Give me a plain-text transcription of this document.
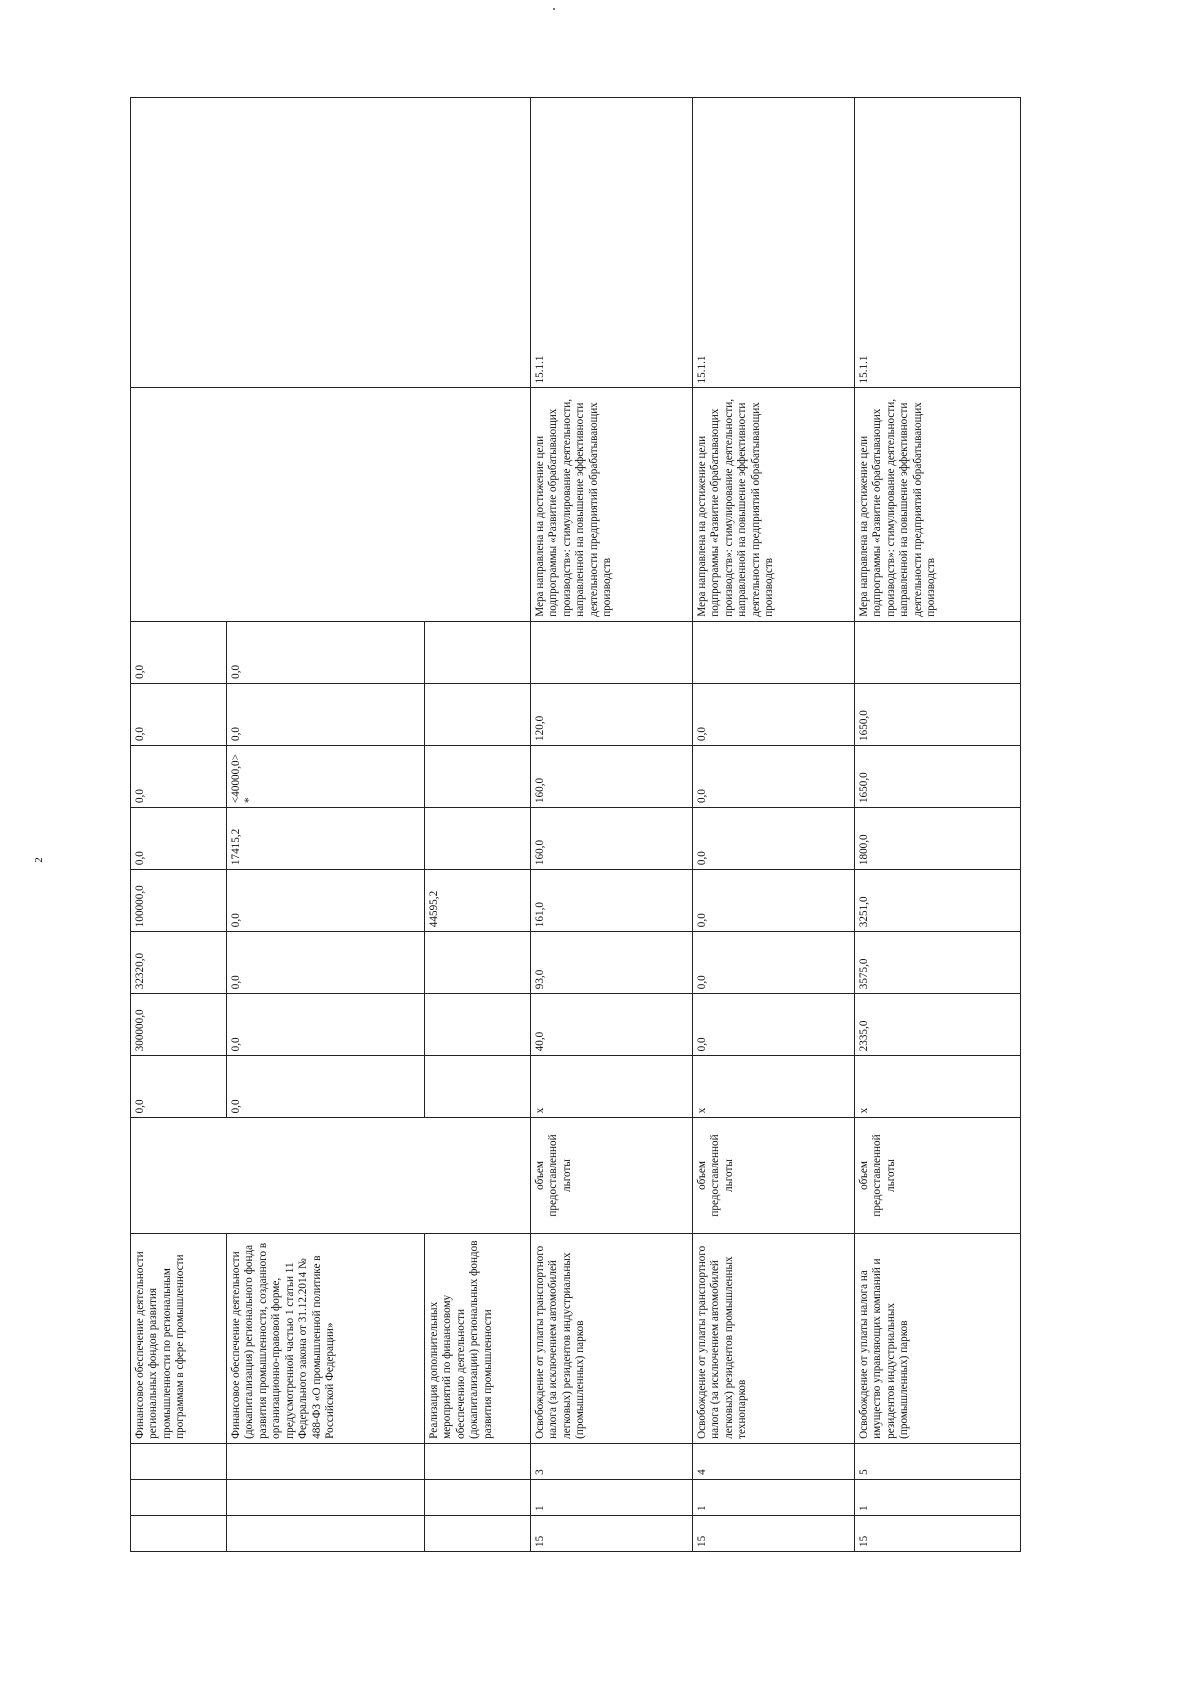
2
			Финансовое обеспечение деятельности региональных фондов развития промышленности по региональным программам в сфере промышленности		0,0	300000,0	32320,0	100000,0	0,0	0,0	0,0	0,0		
			Финансовое обеспечение деятельности (докапитализация) регионального фонда развития промышленности, созданного в организационно-правовой форме, предусмотренной частью 1 статьи 11 Федерального закона от 31.12.2014 № 488-ФЗ «О промышленной политике в Российской Федерации»		0,0	0,0	0,0	0,0	17415,2	<40000,0>*	0,0	0,0		
			Реализация дополнительных мероприятий по финансовому обеспечению деятельности (докапитализации) региональных фондов развития промышленности					44595,2						
15	1	3	Освобождение от уплаты транспортного налога (за исключением автомобилей легковых) резидентов индустриальных (промышленных) парков	объем предоставленной льготы	x	40,0	93,0	161,0	160,0	160,0	120,0		Мера направлена на достижение цели подпрограммы «Развитие обрабатывающих производств»: стимулирование деятельности, направленной на повышение эффективности деятельности предприятий обрабатывающих производств	15.1.1
15	1	4	Освобождение от уплаты транспортного налога (за исключением автомобилей легковых) резидентов промышленных технопарков	объем предоставленной льготы	x	0,0	0,0	0,0	0,0	0,0	0,0		Мера направлена на достижение цели подпрограммы «Развитие обрабатывающих производств»: стимулирование деятельности, направленной на повышение эффективности деятельности предприятий обрабатывающих производств	15.1.1
15	1	5	Освобождение от уплаты налога на имущество управляющих компаний и резидентов индустриальных (промышленных) парков	объем предоставленной льготы	x	2335,0	3575,0	3251,0	1800,0	1650,0	1650,0		Мера направлена на достижение цели подпрограммы «Развитие обрабатывающих производств»: стимулирование деятельности, направленной на повышение эффективности деятельности предприятий обрабатывающих производств	15.1.1
